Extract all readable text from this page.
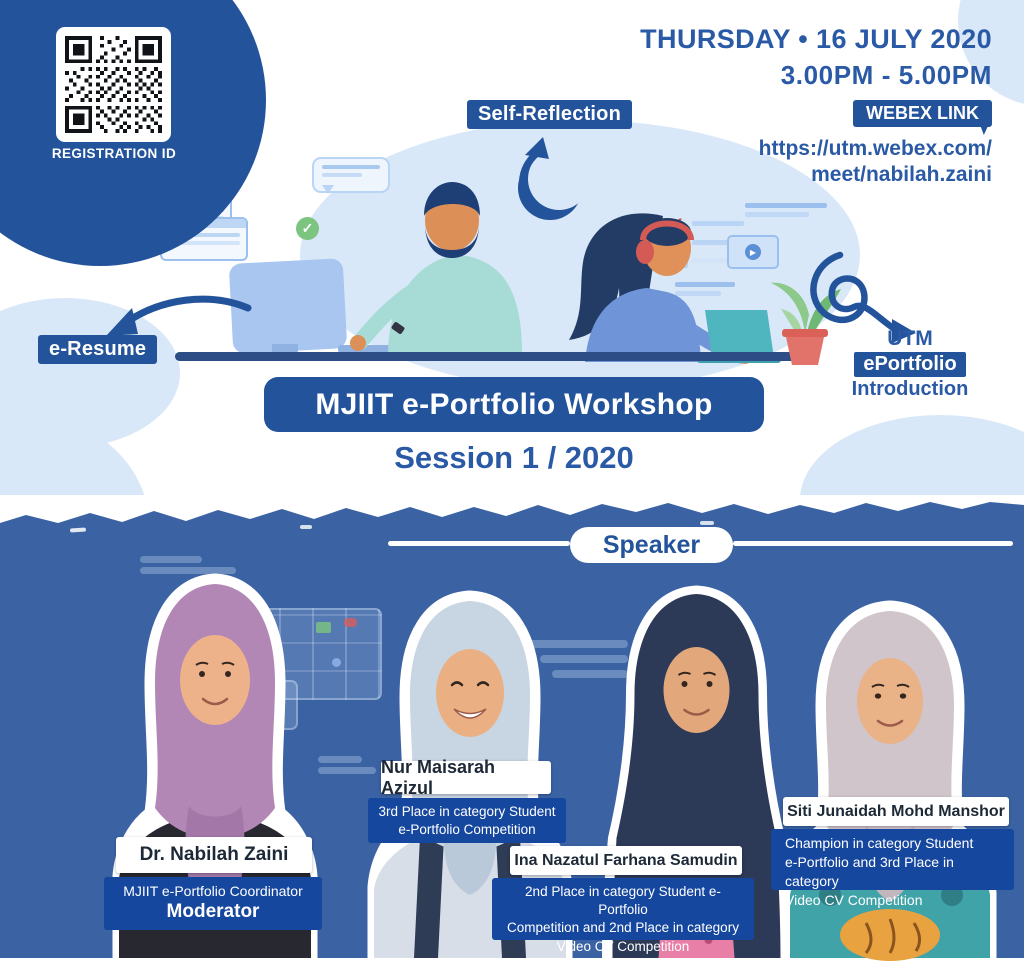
✓
▶
REGISTRATION ID
THURSDAY • 16 JULY 2020
3.00PM - 5.00PM
WEBEX LINK
https://utm.webex.com/
meet/nabilah.zaini
Self-Reflection
e-Resume	UTM
ePortfolio
Introduction
MJIIT e-Portfolio Workshop
Session 1 / 2020
Speaker
Dr. Nabilah Zaini
MJIIT e-Portfolio Coordinator
Moderator
Nur Maisarah Azizul
3rd Place in category Student
e-Portfolio Competition
Ina Nazatul Farhana Samudin
2nd Place in category Student e-Portfolio
Competition and 2nd Place in category
Video CV Competition
Siti Junaidah Mohd Manshor
Champion in category Student
e-Portfolio and 3rd Place in category
Video CV Competition
